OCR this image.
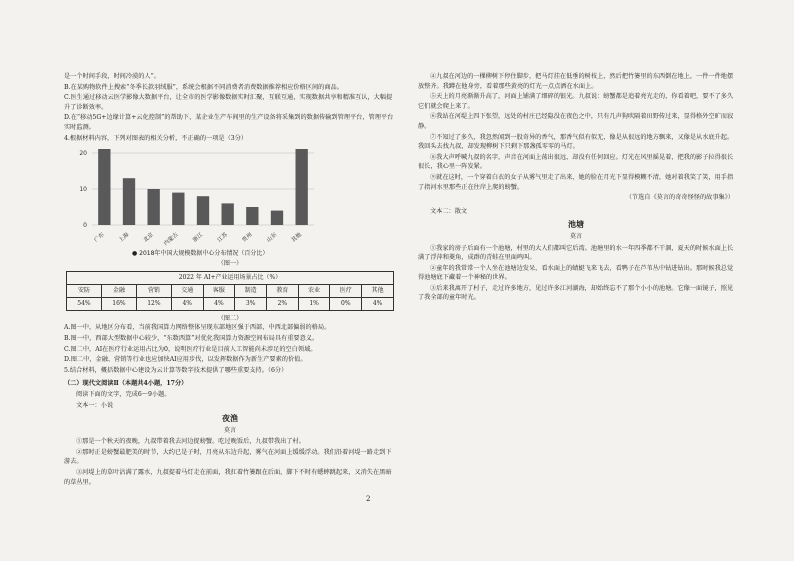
是一个时间手段，时间冷漠的人”。

B.在某购物软件上搜索“冬季长款羽绒服”，系统会根据不同消费者消费数据推荐相应价格区间的商品。

C.医生通过移动云医学影像大数据平台，让全市的医学影像数据实时汇聚，互联互通，实现数据共享和精准互认，大幅提升了诊断效率。

D.在“移动5G+边缘计算+云化控制”的帮助下，某企业生产车间里的生产设备将采集到的数据传输到管理平台，管理平台实时监测。

4.根据材料内容，下列对图表的相关分析，不正确的一项是（3分）

0
10
20
广东 上海 北京 内蒙古 浙江 江苏 贵州 山东 其他
● 2018年中国大规模数据中心分布情况（百分比）

（图一）

2022 年 AI+产业运用场景占比（%）									
安防	金融	营销	交通	客服	制造	教育	农业	医疗	其他
54%	16%	12%	4%	4%	3%	2%	1%	0%	4%

（图二）

A.图一中，从地区分布看，当前我国算力网络整体呈现东部地区强于西部，中西北部偏弱的格局。

B.图一中，西部大型数据中心较少，“东数西算”对优化我国算力资源空间布局具有重要意义。

C.图二中，AI在医疗行业运用占比为0，说明医疗行业是目前人工智能尚未涉足的空白领域。

D.图二中，金融、营销等行业也应加快AI应用步伐，以发挥数据作为新生产要素的价值。

5.结合材料，概括数据中心建设为云计算等数字技术提供了哪些重要支持。（6分）

（二）现代文阅读Ⅱ（本题共4小题，17分）

阅读下面的文字，完成6～9小题。

文本一：小说

夜渔

莫言

①那是一个秋天的夜晚，九叔带着我去河边捉螃蟹。吃过晚饭后，九叔带我出了村。

②那时正是螃蟹最肥美的时节，大约已是子时，月亮从东边升起，雾气在河面上缓缓浮动。我们沿着河堤一路走到下游去。

③河堤上的草叶沾满了露水，九叔提着马灯走在前面，我扛着竹篓跟在后面，脚下不时有蟋蟀跳起来，又消失在黑暗的草丛里。

④九叔在河边的一棵柳树下停住脚步，把马灯挂在低垂的树枝上，然后把竹篓里的东西倒在地上，一件一件地摆放整齐。我蹲在他身旁，看着那些黄亮的灯光一点点洒在水面上。

⑤天上的月亮渐渐升高了，河面上铺满了细碎的银光。九叔说：螃蟹都是追着亮光走的，你看着吧，要不了多久它们就会爬上来了。

⑥我站在河堤上四下张望，远处的村庄已经隐没在夜色之中，只有几声狗吠隔着田野传过来，显得格外空旷而寂静。

⑦不知过了多久，我忽然闻到一股奇异的香气，那香气似有似无，像是从很远的地方飘来，又像是从水底升起。我回头去找九叔，却发现柳树下只剩下那盏孤零零的马灯。

⑧我大声呼喊九叔的名字，声音在河面上荡出很远，却没有任何回应。灯光在风里摇晃着，把我的影子拉得很长很长，我心里一阵发紧。

⑨就在这时，一个穿着白衣的女子从雾气里走了出来，她的脸在月光下显得模糊不清，她对着我笑了笑，用手指了指河水里那些正在往岸上爬的螃蟹。

（节选自《莫言的奇奇怪怪的故事集》）

文本二：散文

池塘

莫言

①我家的房子后面有一个池塘，村里的大人们都叫它后湾。池塘里的水一年四季都不干涸，夏天的时候水面上长满了浮萍和菱角，成群的青蛙在里面鸣叫。

②童年的我常常一个人坐在池塘边发呆，看水面上的蜻蜓飞来飞去，看鸭子在芦苇丛中钻进钻出。那时候我总觉得池塘底下藏着一个神秘的世界。

③后来我离开了村子，走过许多地方，见过许多江河湖海，却始终忘不了那个小小的池塘。它像一面镜子，照见了我全部的童年时光。

2
